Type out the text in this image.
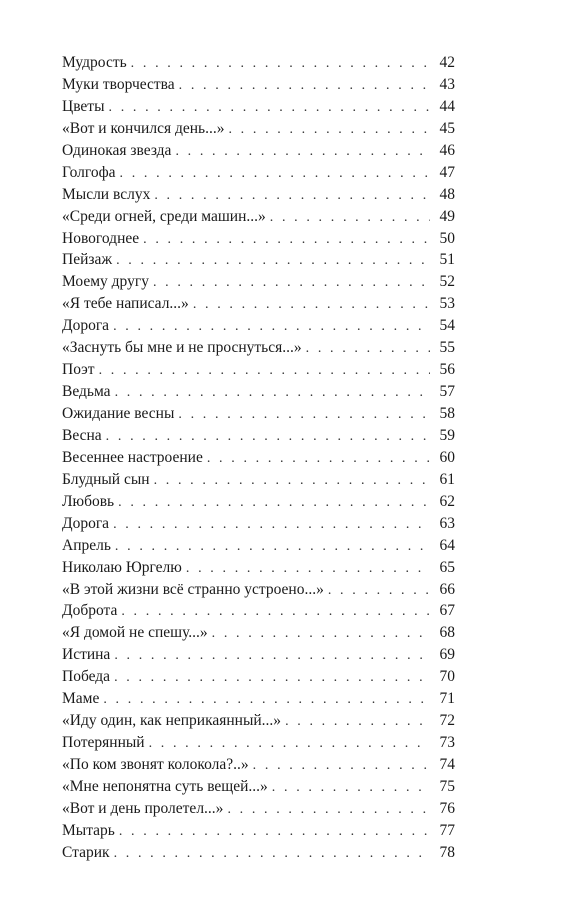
Мудрость . . .	42
Муки творчества . . .	43
Цветы . . .	44
«Вот и кончился день...» . . .	45
Одинокая звезда . . .	46
Голгофа . . .	47
Мысли вслух . . .	48
«Среди огней, среди машин...» . . .	49
Новогоднее . . .	50
Пейзаж . . .	51
Моему другу . . .	52
«Я тебе написал...» . . .	53
Дорога . . .	54
«Заснуть бы мне и не проснуться...» . . .	55
Поэт . . .	56
Ведьма . . .	57
Ожидание весны . . .	58
Весна . . .	59
Весеннее настроение . . .	60
Блудный сын . . .	61
Любовь . . .	62
Дорога . . .	63
Апрель . . .	64
Николаю Юргелю . . .	65
«В этой жизни всё странно устроено...» . . .	66
Доброта . . .	67
«Я домой не спешу...» . . .	68
Истина . . .	69
Победа . . .	70
Маме . . .	71
«Иду один, как неприкаянный...» . . .	72
Потерянный . . .	73
«По ком звонят колокола?..» . . .	74
«Мне непонятна суть вещей...» . . .	75
«Вот и день пролетел...» . . .	76
Мытарь . . .	77
Старик . . .	78
